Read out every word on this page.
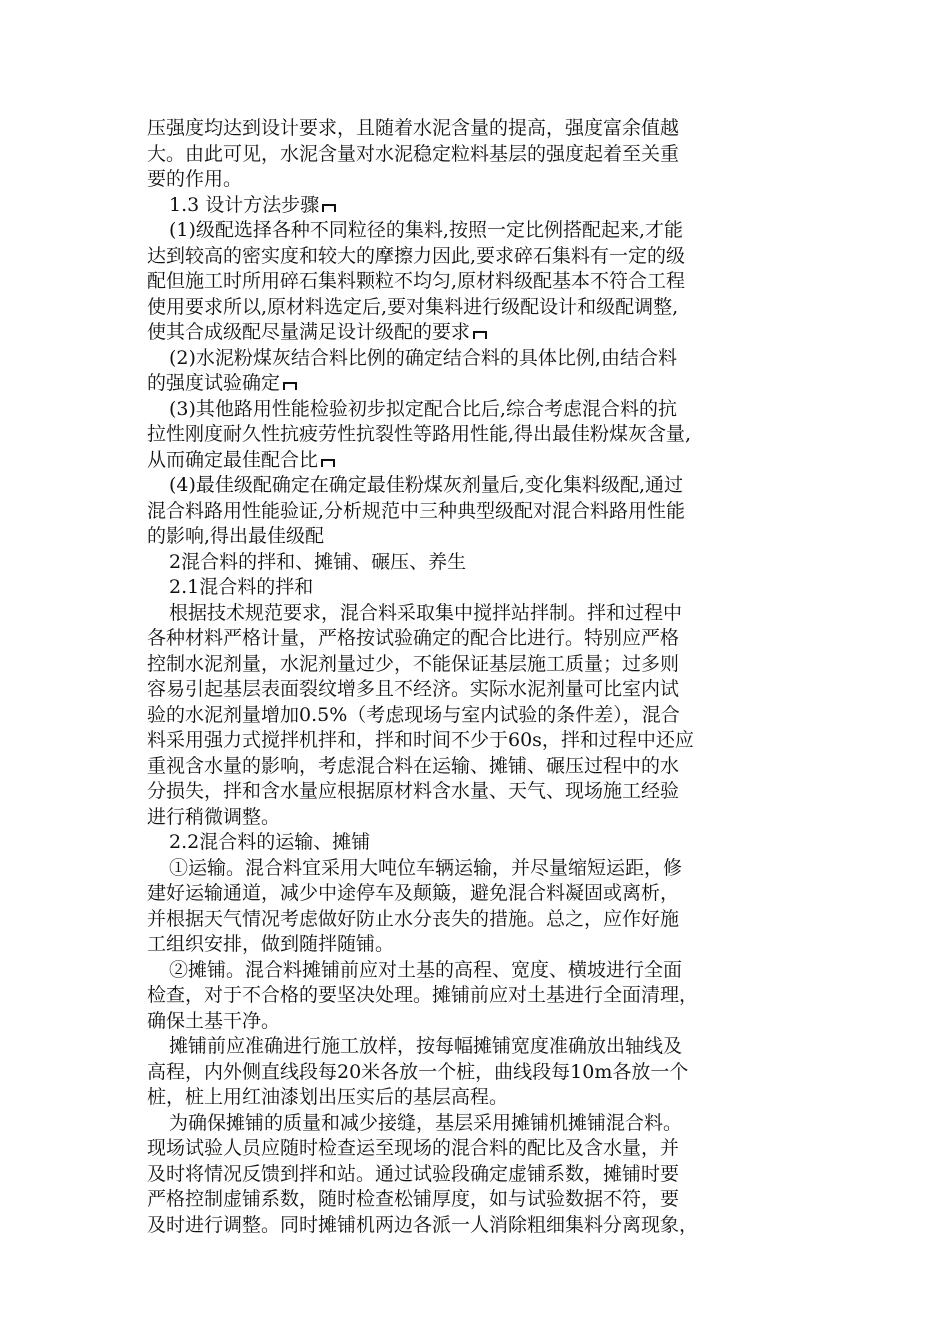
压强度均达到设计要求，且随着水泥含量的提高，强度富余值越
大。由此可见，水泥含量对水泥稳定粒料基层的强度起着至关重
要的作用。
1.3 设计方法步骤
(1)级配选择各种不同粒径的集料,按照一定比例搭配起来,才能
达到较高的密实度和较大的摩擦力因此,要求碎石集料有一定的级
配但施工时所用碎石集料颗粒不均匀,原材料级配基本不符合工程
使用要求所以,原材料选定后,要对集料进行级配设计和级配调整,
使其合成级配尽量满足设计级配的要求
(2)水泥粉煤灰结合料比例的确定结合料的具体比例,由结合料
的强度试验确定
(3)其他路用性能检验初步拟定配合比后,综合考虑混合料的抗
拉性刚度耐久性抗疲劳性抗裂性等路用性能,得出最佳粉煤灰含量,
从而确定最佳配合比
(4)最佳级配确定在确定最佳粉煤灰剂量后,变化集料级配,通过
混合料路用性能验证,分析规范中三种典型级配对混合料路用性能
的影响,得出最佳级配
2混合料的拌和、摊铺、碾压、养生
2.1混合料的拌和
根据技术规范要求，混合料采取集中搅拌站拌制。拌和过程中
各种材料严格计量，严格按试验确定的配合比进行。特别应严格
控制水泥剂量，水泥剂量过少，不能保证基层施工质量；过多则
容易引起基层表面裂纹增多且不经济。实际水泥剂量可比室内试
验的水泥剂量增加0.5%（考虑现场与室内试验的条件差），混合
料采用强力式搅拌机拌和，拌和时间不少于60s，拌和过程中还应
重视含水量的影响，考虑混合料在运输、摊铺、碾压过程中的水
分损失，拌和含水量应根据原材料含水量、天气、现场施工经验
进行稍微调整。
2.2混合料的运输、摊铺
①运输。混合料宜采用大吨位车辆运输，并尽量缩短运距，修
建好运输通道，减少中途停车及颠簸，避免混合料凝固或离析，
并根据天气情况考虑做好防止水分丧失的措施。总之，应作好施
工组织安排，做到随拌随铺。
②摊铺。混合料摊铺前应对土基的高程、宽度、横坡进行全面
检查，对于不合格的要坚决处理。摊铺前应对土基进行全面清理，
确保土基干净。
摊铺前应准确进行施工放样，按每幅摊铺宽度准确放出轴线及
高程，内外侧直线段每20米各放一个桩，曲线段每10m各放一个
桩，桩上用红油漆划出压实后的基层高程。
为确保摊铺的质量和减少接缝，基层采用摊铺机摊铺混合料。
现场试验人员应随时检查运至现场的混合料的配比及含水量，并
及时将情况反馈到拌和站。通过试验段确定虚铺系数，摊铺时要
严格控制虚铺系数，随时检查松铺厚度，如与试验数据不符，要
及时进行调整。同时摊铺机两边各派一人消除粗细集料分离现象，
